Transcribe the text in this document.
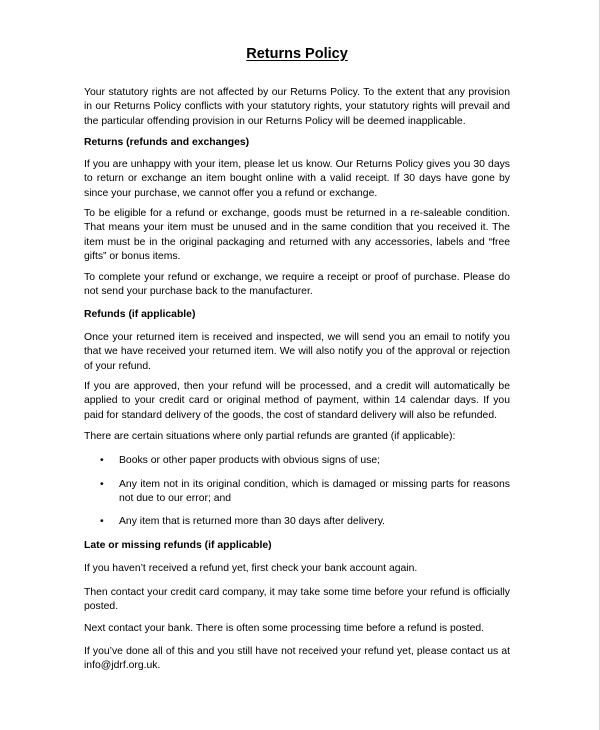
Returns Policy

Your statutory rights are not affected by our Returns Policy. To the extent that any provision in our Returns Policy conflicts with your statutory rights, your statutory rights will prevail and the particular offending provision in our Returns Policy will be deemed inapplicable.

Returns (refunds and exchanges)

If you are unhappy with your item, please let us know. Our Returns Policy gives you 30 days to return or exchange an item bought online with a valid receipt. If 30 days have gone by since your purchase, we cannot offer you a refund or exchange.

To be eligible for a refund or exchange, goods must be returned in a re-saleable condition. That means your item must be unused and in the same condition that you received it. The item must be in the original packaging and returned with any accessories, labels and “free gifts” or bonus items.

To complete your refund or exchange, we require a receipt or proof of purchase. Please do not send your purchase back to the manufacturer.

Refunds (if applicable)

Once your returned item is received and inspected, we will send you an email to notify you that we have received your returned item. We will also notify you of the approval or rejection of your refund.

If you are approved, then your refund will be processed, and a credit will automatically be applied to your credit card or original method of payment, within 14 calendar days. If you paid for standard delivery of the goods, the cost of standard delivery will also be refunded.

There are certain situations where only partial refunds are granted (if applicable):

• Books or other paper products with obvious signs of use;
• Any item not in its original condition, which is damaged or missing parts for reasons not due to our error; and
• Any item that is returned more than 30 days after delivery.

Late or missing refunds (if applicable)

If you haven’t received a refund yet, first check your bank account again.

Then contact your credit card company, it may take some time before your refund is officially posted.

Next contact your bank. There is often some processing time before a refund is posted.

If you’ve done all of this and you still have not received your refund yet, please contact us at info@jdrf.org.uk.
